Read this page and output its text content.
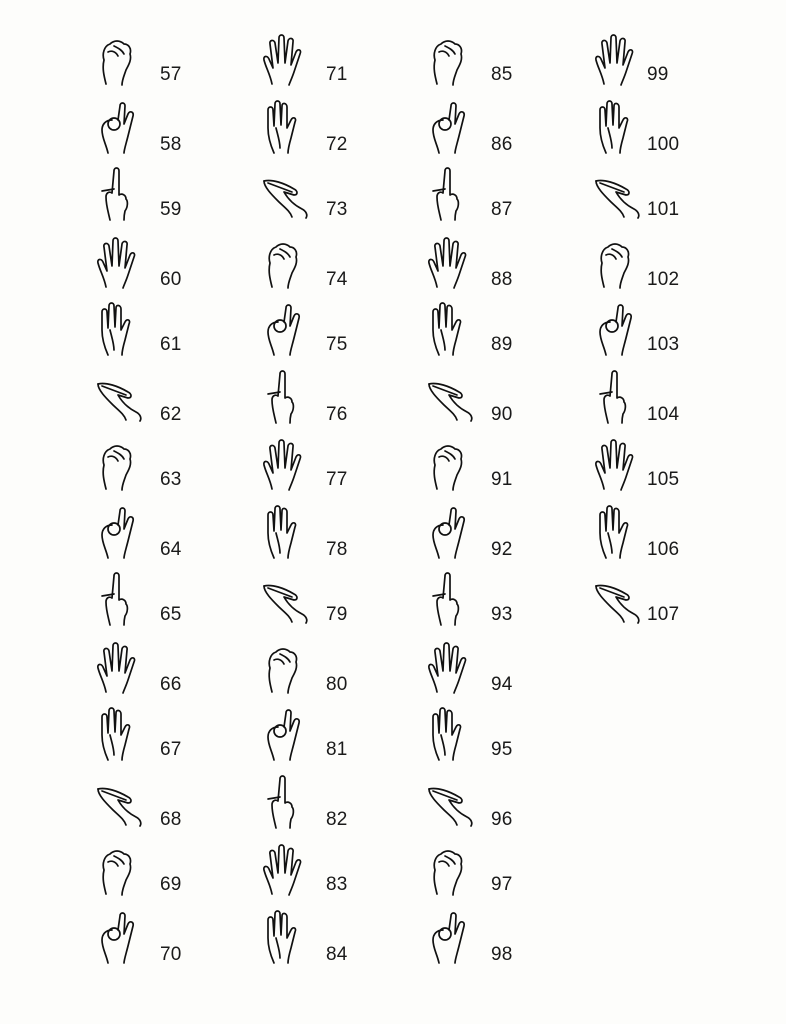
57
58
59
60
61
62
63
64
65
66
67
68
69
70
71
72
73
74
75
76
77
78
79
80
81
82
83
84
85
86
87
88
89
90
91
92
93
94
95
96
97
98
99
100
101
102
103
104
105
106
107
